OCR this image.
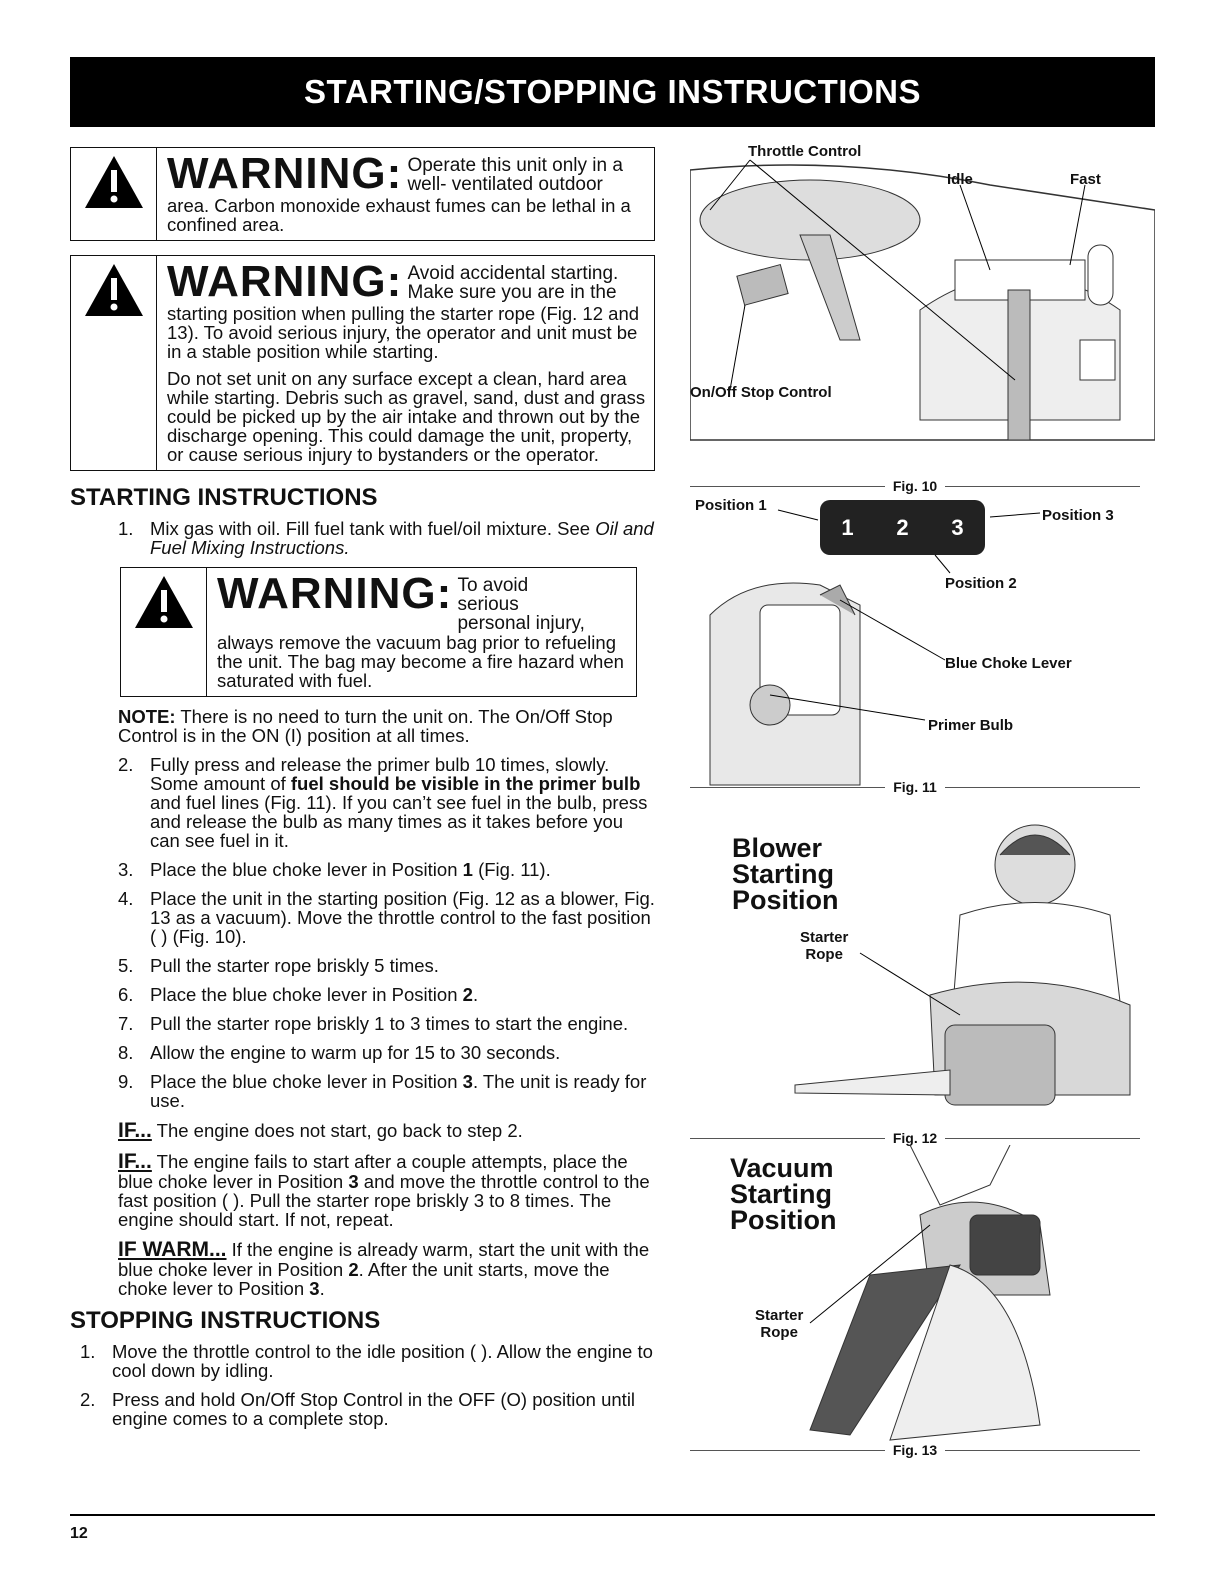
STARTING/STOPPING INSTRUCTIONS
WARNING: Operate this unit only in a well- ventilated outdoor
area. Carbon monoxide exhaust fumes can be lethal in a confined area.
WARNING: Avoid accidental starting. Make sure you are in the
starting position when pulling the starter rope (Fig. 12 and 13). To avoid serious injury, the operator and unit must be in a stable position while starting.

Do not set unit on any surface except a clean, hard area while starting. Debris such as gravel, sand, dust and grass could be picked up by the air intake and thrown out by the discharge opening. This could damage the unit, property, or cause serious injury to bystanders or the operator.

STARTING INSTRUCTIONS
1. Mix gas with oil. Fill fuel tank with fuel/oil mixture. See Oil and Fuel Mixing Instructions.
WARNING: To avoid serious personal injury,
always remove the vacuum bag prior to refueling the unit. The bag may become a fire hazard when saturated with fuel.
NOTE: There is no need to turn the unit on. The On/Off Stop Control is in the ON (I) position at all times.
2. Fully press and release the primer bulb 10 times, slowly. Some amount of fuel should be visible in the primer bulb and fuel lines (Fig. 11). If you can’t see fuel in the bulb, press and release the bulb as many times as it takes before you can see fuel in it.
3. Place the blue choke lever in Position 1 (Fig. 11).
4. Place the unit in the starting position (Fig. 12 as a blower, Fig. 13 as a vacuum). Move the throttle control to the fast position ( ) (Fig. 10).
5. Pull the starter rope briskly 5 times.
6. Place the blue choke lever in Position 2.
7. Pull the starter rope briskly 1 to 3 times to start the engine.
8. Allow the engine to warm up for 15 to 30 seconds.
9. Place the blue choke lever in Position 3. The unit is ready for use.
IF... The engine does not start, go back to step 2.
IF... The engine fails to start after a couple attempts, place the blue choke lever in Position 3 and move the throttle control to the fast position ( ). Pull the starter rope briskly 3 to 8 times. The engine should start. If not, repeat.
IF WARM... If the engine is already warm, start the unit with the blue choke lever in Position 2. After the unit starts, move the choke lever to Position 3.
STOPPING INSTRUCTIONS
1. Move the throttle control to the idle position ( ). Allow the engine to cool down by idling.
2. Press and hold On/Off Stop Control in the OFF (O) position until engine comes to a complete stop.
Throttle Control
Idle	Fast
On/Off Stop Control
Fig. 10
Position 1
1 2 3	Position 3
Position 2
Blue Choke Lever
Primer Bulb
Fig. 11
Blower
Starting
Position
Starter
Rope
Fig. 12
Vacuum
Starting
Position
Starter
Rope
Fig. 13
12
